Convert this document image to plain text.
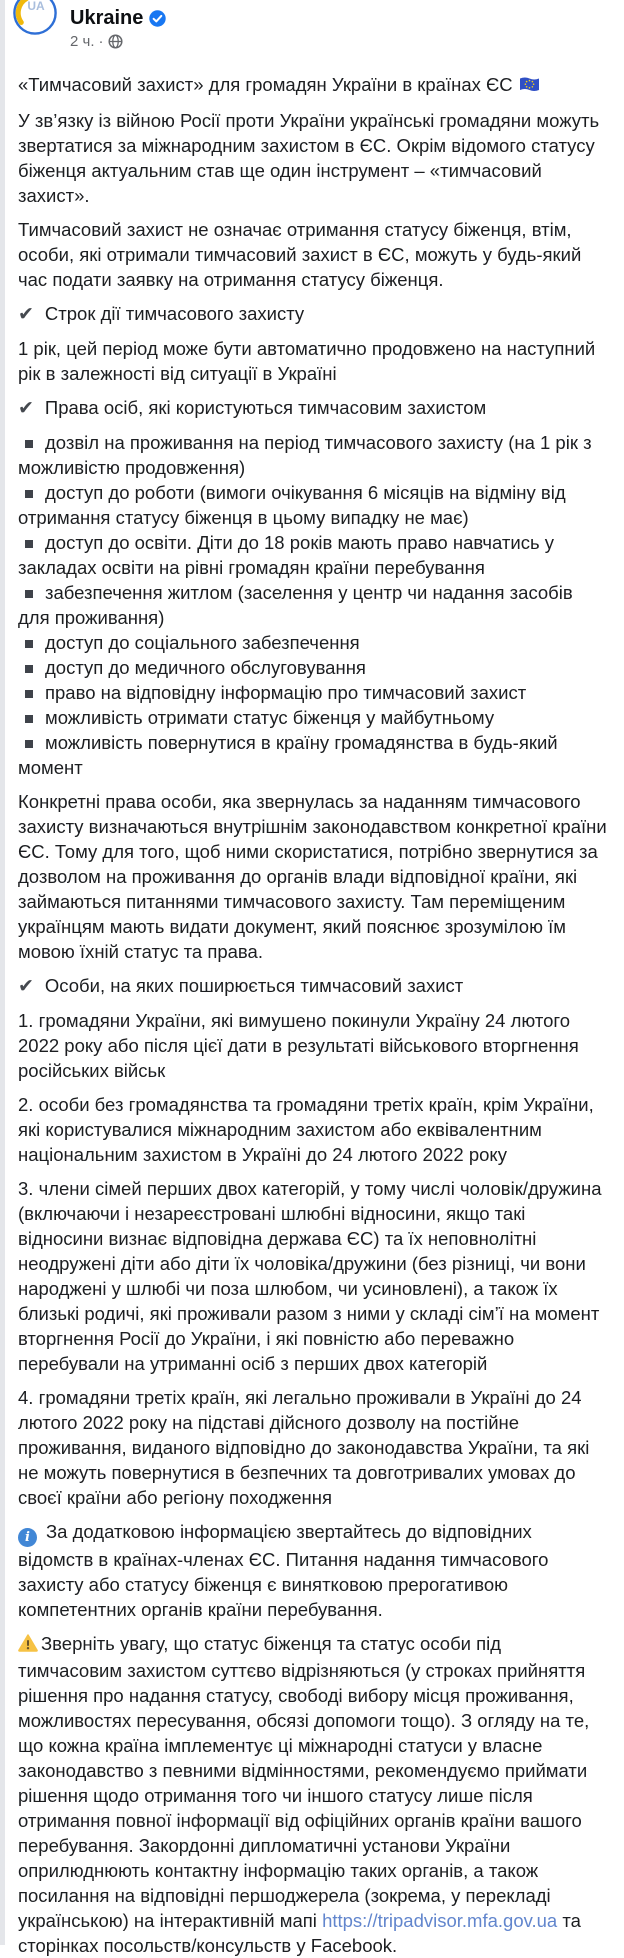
UA
Ukraine
2 ч. ·
«Тимчасовий захист» для громадян України в країнах ЄС
У зв’язку із війною Росії проти України українські громадяни можуть звертатися за міжнародним захистом в ЄС. Окрім відомого статусу біженця актуальним став ще один інструмент – «тимчасовий захист».
Тимчасовий захист не означає отримання статусу біженця, втім, особи, які отримали тимчасовий захист в ЄС, можуть у будь-який час подати заявку на отримання статусу біженця.
✔ Строк дії тимчасового захисту
1 рік, цей період може бути автоматично продовжено на наступний рік в залежності від ситуації в Україні
✔ Права осіб, які користуються тимчасовим захистом
дозвіл на проживання на період тимчасового захисту (на 1 рік з можливістю продовження)
доступ до роботи (вимоги очікування 6 місяців на відміну від отримання статусу біженця в цьому випадку не має)
доступ до освіти. Діти до 18 років мають право навчатись у закладах освіти на рівні громадян країни перебування
забезпечення житлом (заселення у центр чи надання засобів для проживання)
доступ до соціального забезпечення
доступ до медичного обслуговування
право на відповідну інформацію про тимчасовий захист
можливість отримати статус біженця у майбутньому
можливість повернутися в країну громадянства в будь-який момент
Конкретні права особи, яка звернулась за наданням тимчасового захисту визначаються внутрішнім законодавством конкретної країни ЄС. Тому для того, щоб ними скористатися, потрібно звернутися за дозволом на проживання до органів влади відповідної країни, які займаються питаннями тимчасового захисту. Там переміщеним українцям мають видати документ, який пояснює зрозумілою їм мовою їхній статус та права.
✔ Особи, на яких поширюється тимчасовий захист
1. громадяни України, які вимушено покинули Україну 24 лютого 2022 року або після цієї дати в результаті військового вторгнення російських військ
2. особи без громадянства та громадяни третіх країн, крім України, які користувалися міжнародним захистом або еквівалентним національним захистом в Україні до 24 лютого 2022 року
3. члени сімей перших двох категорій, у тому числі чоловік/дружина (включаючи і незареєстровані шлюбні відносини, якщо такі відносини визнає відповідна держава ЄС) та їх неповнолітні неодружені діти або діти їх чоловіка/дружини (без різниці, чи вони народжені у шлюбі чи поза шлюбом, чи усиновлені), а також їх близькі родичі, які проживали разом з ними у складі сім’ї на момент вторгнення Росії до України, і які повністю або переважно перебували на утриманні осіб з перших двох категорій
4. громадяни третіх країн, які легально проживали в Україні до 24 лютого 2022 року на підставі дійсного дозволу на постійне проживання, виданого відповідно до законодавства України, та які не можуть повернутися в безпечних та довготривалих умовах до своєї країни або регіону походження
iЗа додатковою інформацією звертайтесь до відповідних відомств в країнах-членах ЄС. Питання надання тимчасового захисту або статусу біженця є винятковою прерогативою компетентних органів країни перебування.
Зверніть увагу, що статус біженця та статус особи під тимчасовим захистом суттєво відрізняються (у строках прийняття рішення про надання статусу, свободі вибору місця проживання, можливостях пересування, обсязі допомоги тощо). З огляду на те, що кожна країна імплементує ці міжнародні статуси у власне законодавство з певними відмінностями, рекомендуємо приймати рішення щодо отримання того чи іншого статусу лише після отримання повної інформації від офіційних органів країни вашого перебування. Закордонні дипломатичні установи України оприлюднюють контактну інформацію таких органів, а також посилання на відповідні першоджерела (зокрема, у перекладі українською) на інтерактивній мапі https://tripadvisor.mfa.gov.ua та сторінках посольств/консульств у Facebook.
